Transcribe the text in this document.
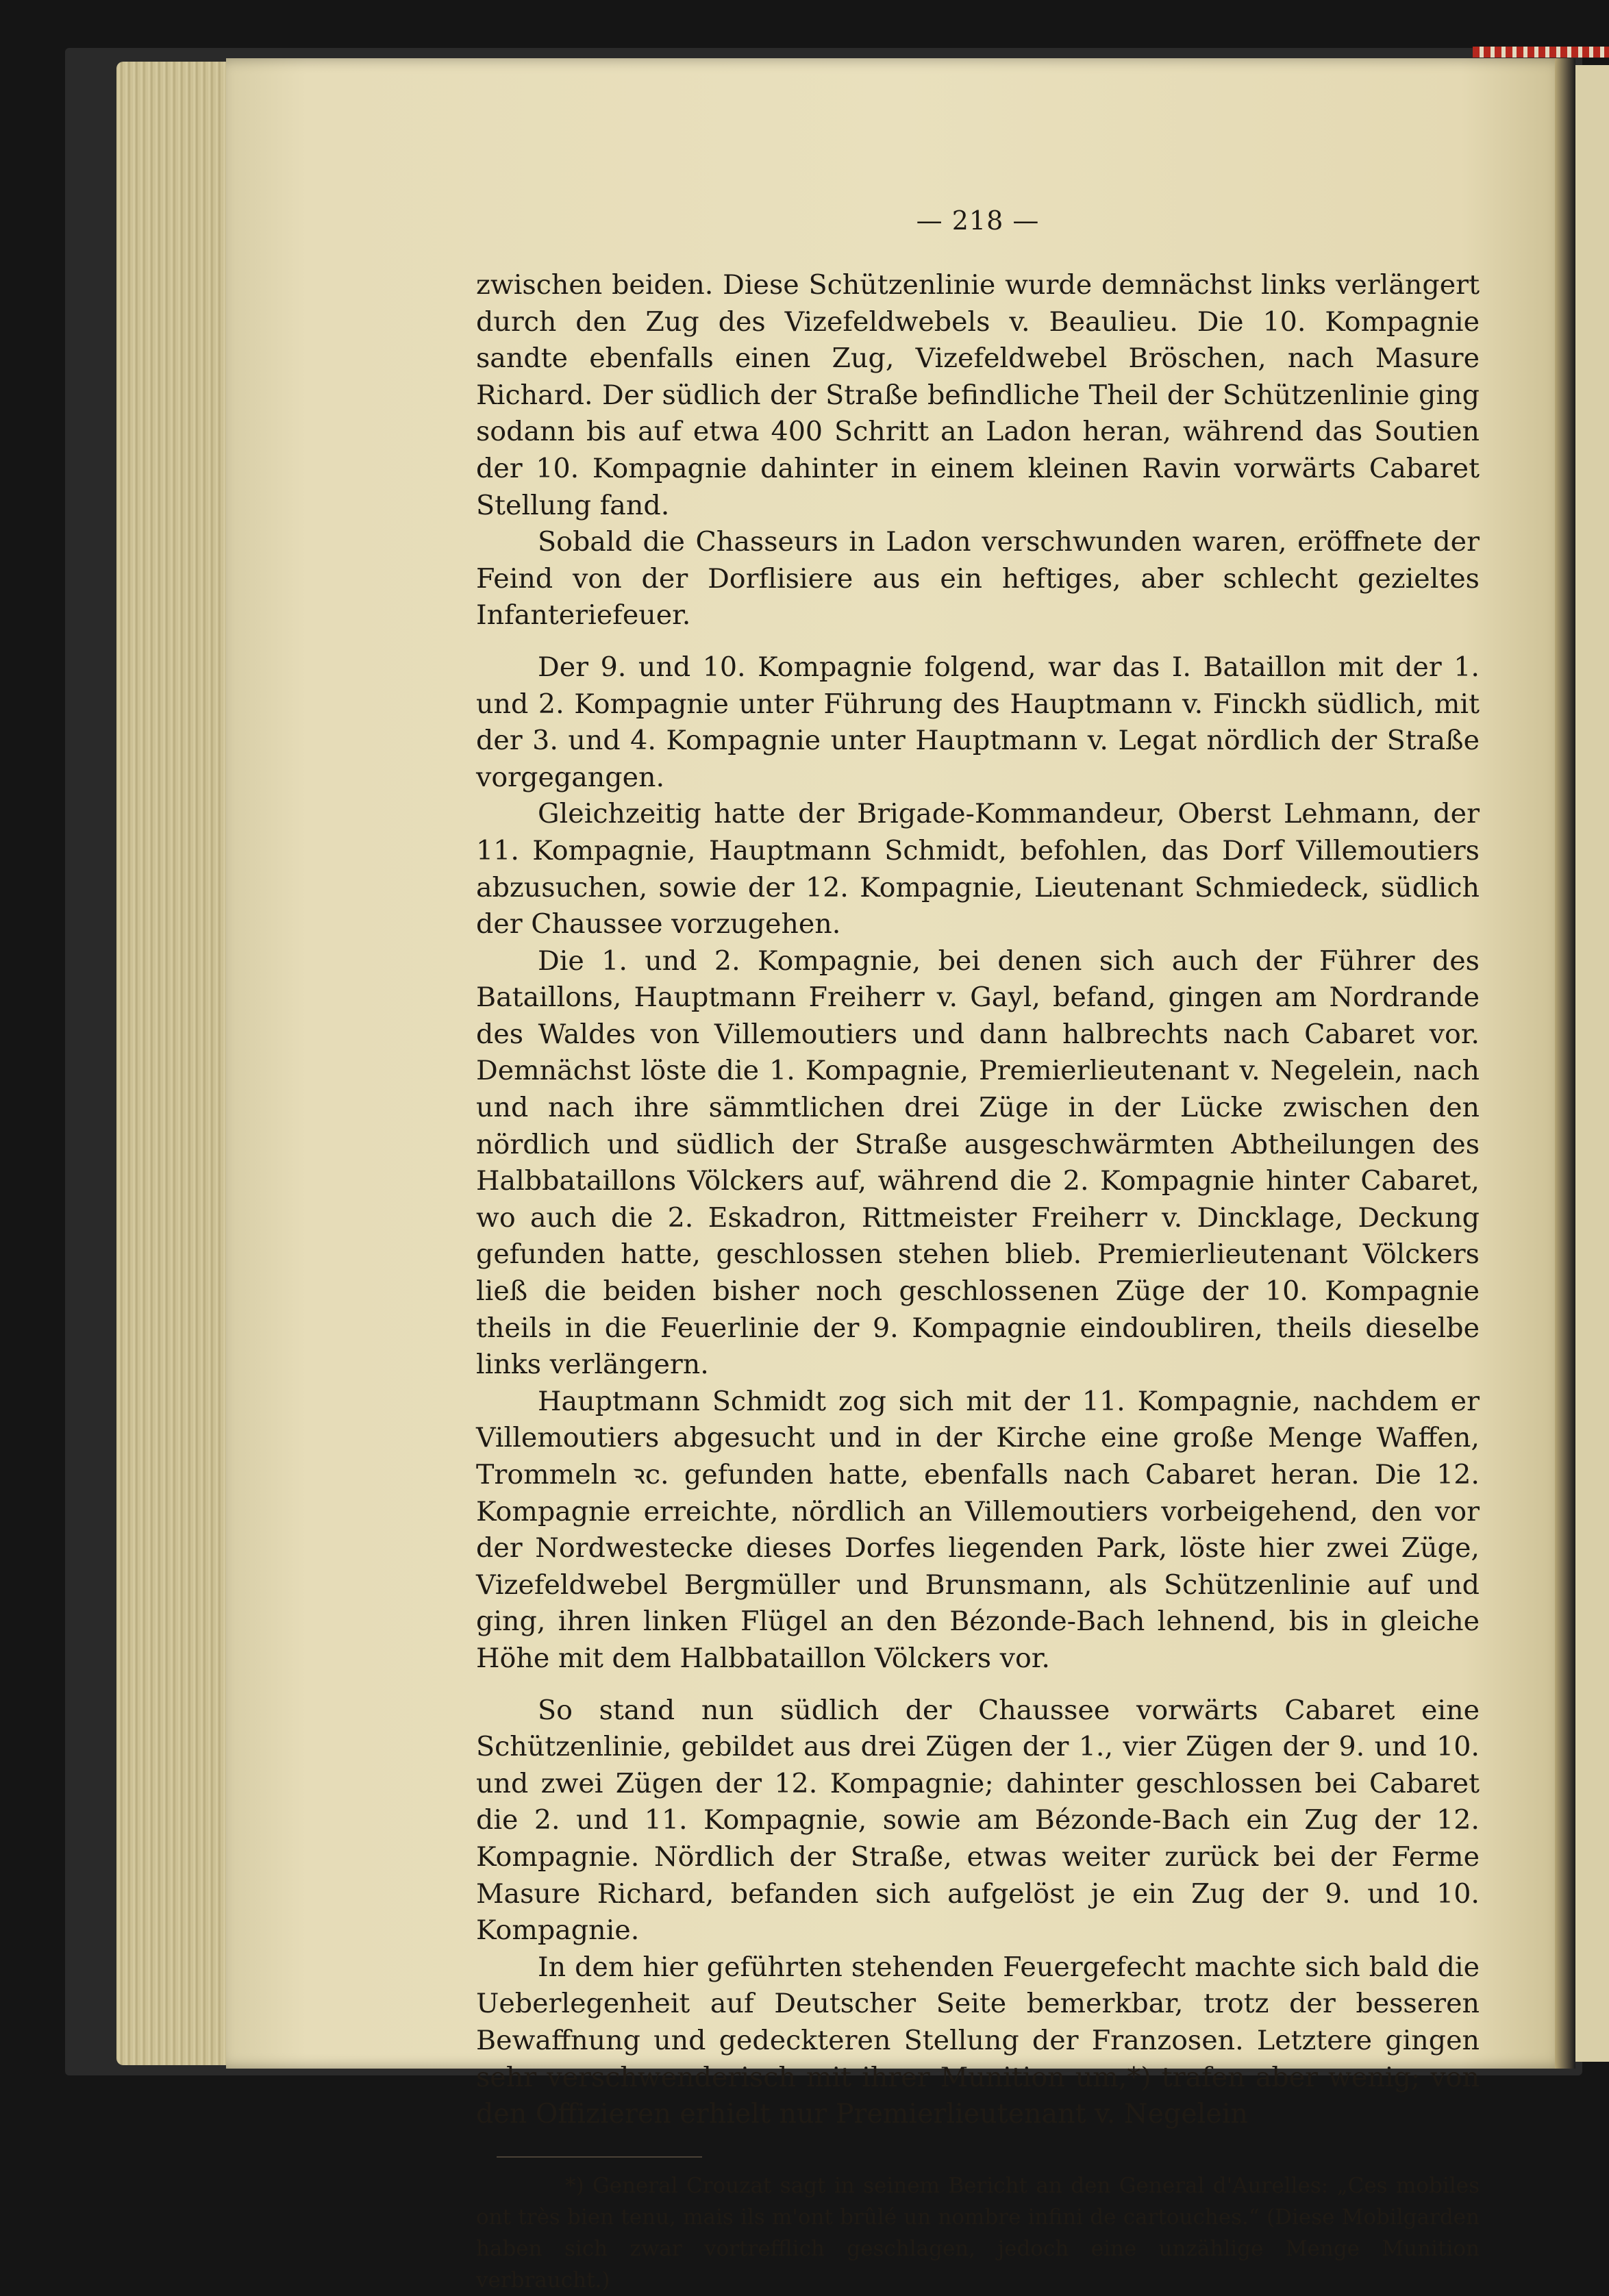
— 218 —

zwischen beiden. Diese Schützenlinie wurde demnächst links verlängert durch den Zug des Vizefeldwebels v. Beaulieu. Die 10. Kompagnie sandte ebenfalls einen Zug, Vizefeldwebel Bröschen, nach Masure Richard. Der südlich der Straße befindliche Theil der Schützenlinie ging sodann bis auf etwa 400 Schritt an Ladon heran, während das Soutien der 10. Kompagnie dahinter in einem kleinen Ravin vorwärts Cabaret Stellung fand.

Sobald die Chasseurs in Ladon verschwunden waren, eröffnete der Feind von der Dorflisiere aus ein heftiges, aber schlecht gezieltes Infanteriefeuer.

Der 9. und 10. Kompagnie folgend, war das I. Bataillon mit der 1. und 2. Kompagnie unter Führung des Hauptmann v. Finckh südlich, mit der 3. und 4. Kompagnie unter Hauptmann v. Legat nördlich der Straße vorgegangen.

Gleichzeitig hatte der Brigade-Kommandeur, Oberst Lehmann, der 11. Kompagnie, Hauptmann Schmidt, befohlen, das Dorf Villemoutiers abzusuchen, sowie der 12. Kompagnie, Lieutenant Schmiedeck, südlich der Chaussee vorzugehen.

Die 1. und 2. Kompagnie, bei denen sich auch der Führer des Bataillons, Hauptmann Freiherr v. Gayl, befand, gingen am Nordrande des Waldes von Villemoutiers und dann halbrechts nach Cabaret vor. Demnächst löste die 1. Kompagnie, Premierlieutenant v. Negelein, nach und nach ihre sämmtlichen drei Züge in der Lücke zwischen den nördlich und südlich der Straße ausgeschwärmten Abtheilungen des Halbbataillons Völckers auf, während die 2. Kompagnie hinter Cabaret, wo auch die 2. Eskadron, Rittmeister Freiherr v. Dincklage, Deckung gefunden hatte, geschlossen stehen blieb. Premierlieutenant Völckers ließ die beiden bisher noch geschlossenen Züge der 10. Kompagnie theils in die Feuerlinie der 9. Kompagnie eindoubliren, theils dieselbe links verlängern.

Hauptmann Schmidt zog sich mit der 11. Kompagnie, nachdem er Villemoutiers abgesucht und in der Kirche eine große Menge Waffen, Trommeln ꝛc. gefunden hatte, ebenfalls nach Cabaret heran. Die 12. Kompagnie erreichte, nördlich an Villemoutiers vorbeigehend, den vor der Nordwestecke dieses Dorfes liegenden Park, löste hier zwei Züge, Vizefeldwebel Bergmüller und Brunsmann, als Schützenlinie auf und ging, ihren linken Flügel an den Bézonde-Bach lehnend, bis in gleiche Höhe mit dem Halbbataillon Völckers vor.

So stand nun südlich der Chaussee vorwärts Cabaret eine Schützenlinie, gebildet aus drei Zügen der 1., vier Zügen der 9. und 10. und zwei Zügen der 12. Kompagnie; dahinter geschlossen bei Cabaret die 2. und 11. Kompagnie, sowie am Bézonde-Bach ein Zug der 12. Kompagnie. Nördlich der Straße, etwas weiter zurück bei der Ferme Masure Richard, befanden sich aufgelöst je ein Zug der 9. und 10. Kompagnie.

In dem hier geführten stehenden Feuergefecht machte sich bald die Ueberlegenheit auf Deutscher Seite bemerkbar, trotz der besseren Bewaffnung und gedeckteren Stellung der Franzosen. Letztere gingen sehr verschwenderisch mit ihrer Munition um,*) trafen aber wenig; von den Offizieren erhielt nur Premierlieutenant v. Negelein

*) General Crouzat sagt in seinem Bericht an den General d'Aurelles: „Ces mobiles ont très bien tenu, mais ils m'ont brûlé un nombre infini de cartouches.“ (Diese Mobilgarden haben sich zwar vortrefflich geschlagen, jedoch eine unzählige Menge Munition verbraucht.)
